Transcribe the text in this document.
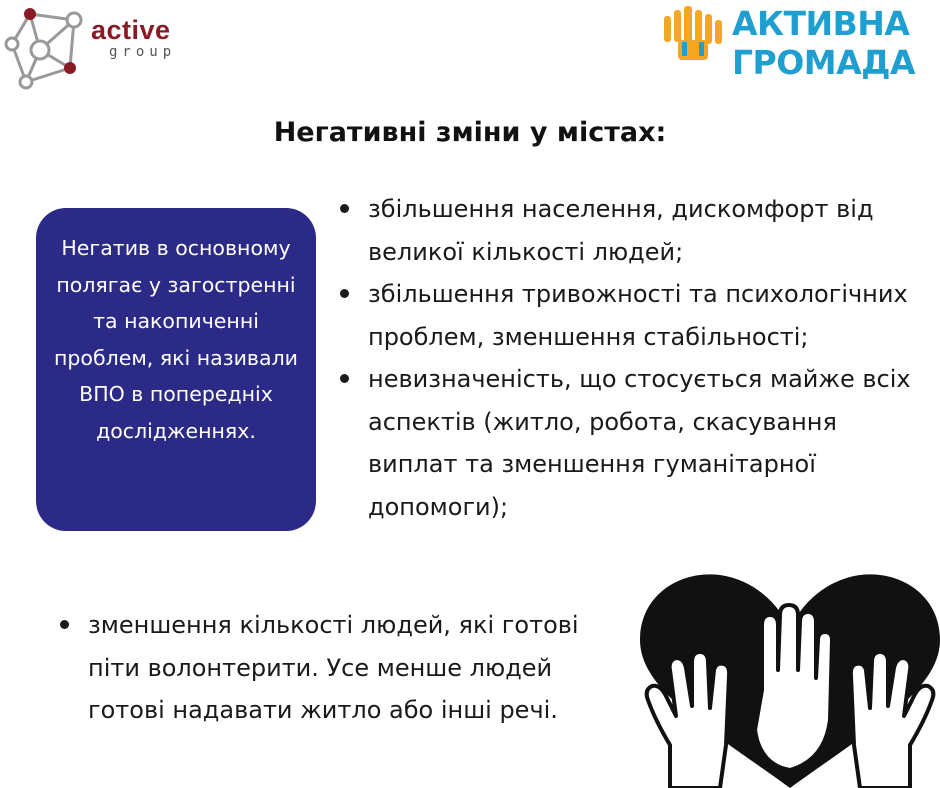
active
group
АКТИВНА
ГРОМАДА
Негативні зміни у містах:
Негатив в основному полягає у загостренні та накопиченні проблем, які називали ВПО в попередніх дослідженнях.
збільшення населення, дискомфорт від великої кількості людей;
збільшення тривожності та психологічних проблем, зменшення стабільності;
невизначеність, що стосується майже всіх аспектів (житло, робота, скасування виплат та зменшення гуманітарної допомоги);
зменшення кількості людей, які готові піти волонтерити. Усе менше людей готові надавати житло або інші речі.
